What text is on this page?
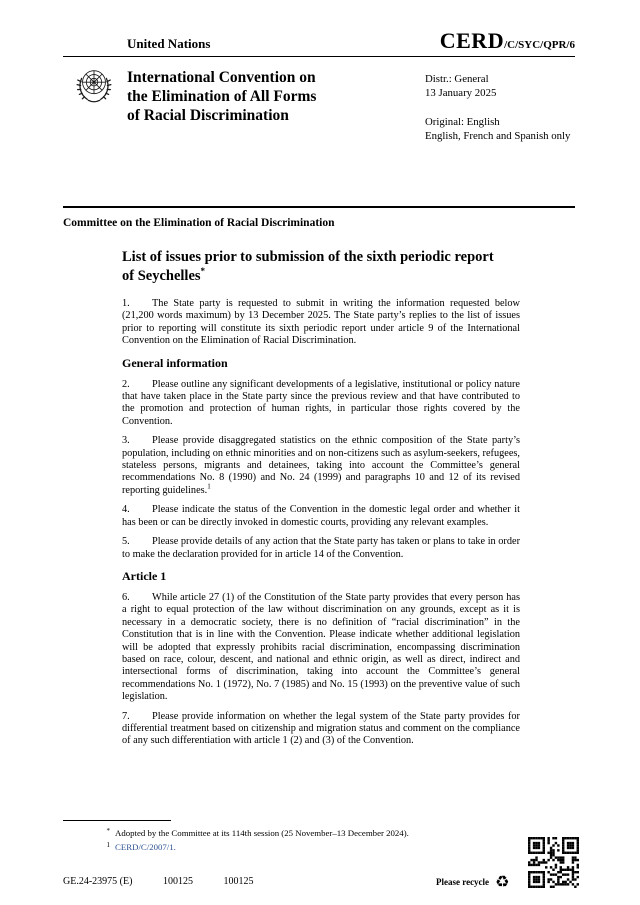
United Nations	CERD/C/SYC/QPR/6
International Convention on
the Elimination of All Forms
of Racial Discrimination
Distr.: General
13 January 2025
Original: English
English, French and Spanish only
Committee on the Elimination of Racial Discrimination
List of issues prior to submission of the sixth periodic report
of Seychelles*

1. The State party is requested to submit in writing the information requested below (21,200 words maximum) by 13 December 2025. The State party’s replies to the list of issues prior to reporting will constitute its sixth periodic report under article 9 of the International Convention on the Elimination of Racial Discrimination.

General information

2. Please outline any significant developments of a legislative, institutional or policy nature that have taken place in the State party since the previous review and that have contributed to the promotion and protection of human rights, in particular those rights covered by the Convention.

3. Please provide disaggregated statistics on the ethnic composition of the State party’s population, including on ethnic minorities and on non-citizens such as asylum-seekers, refugees, stateless persons, migrants and detainees, taking into account the Committee’s general recommendations No. 8 (1990) and No. 24 (1999) and paragraphs 10 and 12 of its revised reporting guidelines.$^1$

4. Please indicate the status of the Convention in the domestic legal order and whether it has been or can be directly invoked in domestic courts, providing any relevant examples.

5. Please provide details of any action that the State party has taken or plans to take in order to make the declaration provided for in article 14 of the Convention.

Article 1

6. While article 27 (1) of the Constitution of the State party provides that every person has a right to equal protection of the law without discrimination on any grounds, except as it is necessary in a democratic society, there is no definition of “racial discrimination” in the Constitution that is in line with the Convention. Please indicate whether additional legislation will be adopted that expressly prohibits racial discrimination, encompassing discrimination based on race, colour, descent, and national and ethnic origin, as well as direct, indirect and intersectional forms of discrimination, taking into account the Committee’s general recommendations No. 1 (1972), No. 7 (1985) and No. 15 (1993) on the preventive value of such legislation.

7. Please provide information on whether the legal system of the State party provides for differential treatment based on citizenship and migration status and comment on the compliance of any such differentiation with article 1 (2) and (3) of the Convention.

* Adopted by the Committee at its 114th session (25 November–13 December 2024).
1 CERD/C/2007/1.
GE.24-23975 (E)	100125	100125	Please recycle ♻
